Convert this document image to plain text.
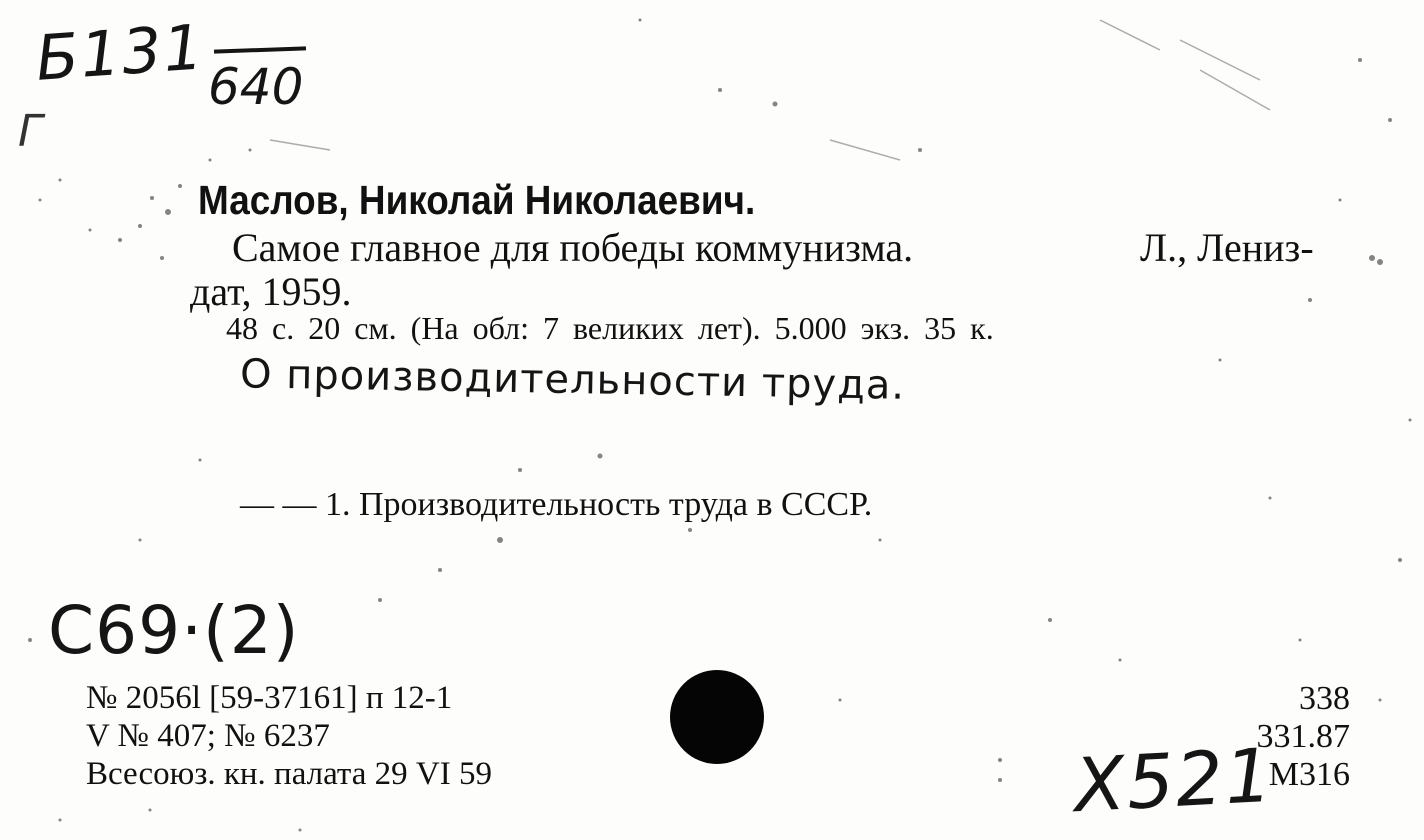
Б131 640
Г
Маслов, Николай Николаевич.
Самое главное для победы коммунизма.	Л., Лениз-
дат, 1959.
48 с. 20 см. (На обл: 7 великих лет). 5.000 экз. 35 к.
О производительности труда.
— — 1. Производительность труда в СССР.
С69·(2)
№ 2056l [59-37161] п 12-1
V № 407; № 6237
Всесоюз. кн. палата 29 VI 59	Х521
338
331.87
М316
